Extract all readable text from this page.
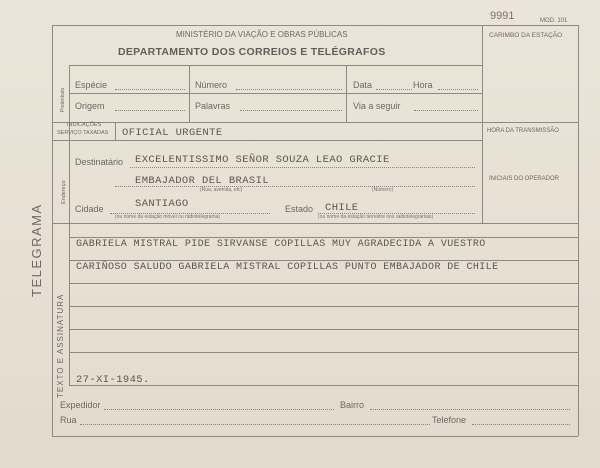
MINISTÉRIO DA VIAÇÃO E OBRAS PÚBLICAS
DEPARTAMENTO DOS CORREIOS E TELÉGRAFOS
MOD. 101
9991
CARIMBO DA ESTAÇÃO
TELEGRAMA
TEXTO E ASSINATURA
Preâmbulo
Endereço
Espécie	Número	Data	Hora
Origem	Palavras	Via a seguir
HORA DA TRANSMISSÃO
INICIAIS DO OPERADOR
INDICAÇÕES
SERVIÇO TAXADAS OFICIAL URGENTE
Destinatário EXCELENTISSIMO SEÑOR SOUZA LEAO GRACIE
EMBAJADOR DEL BRASIL
(Rua, avenida, etc)	(Número)
Cidade	SANTIAGO	Estado CHILE
(ou nome da estação móvel ou rádiotelegrama)	(ou nome da estação terrestre nos radiotelegramas)
GABRIELA MISTRAL PIDE SIRVANSE COPILLAS MUY AGRADECIDA A VUESTRO
CARIÑOSO SALUDO GABRIELA MISTRAL COPILLAS PUNTO EMBAJADOR DE CHILE
27-XI-1945.
Expedidor	Bairro
Rua	Telefone
